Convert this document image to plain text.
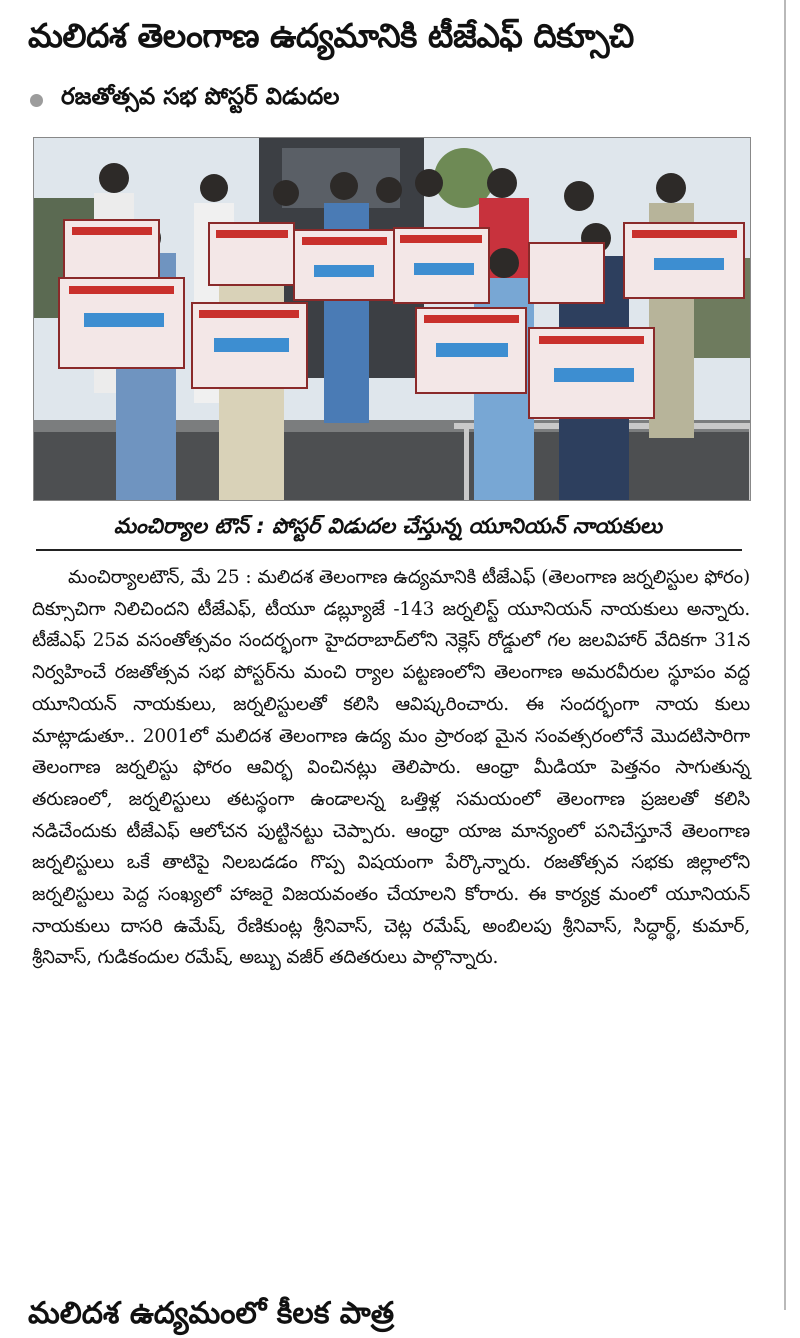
మలిదశ తెలంగాణ ఉద్యమానికి టీజేఎఫ్ దిక్సూచి
రజతోత్సవ సభ పోస్టర్ విడుదల
మంచిర్యాల టౌన్ : పోస్టర్ విడుదల చేస్తున్న యూనియన్ నాయకులు
మంచిర్యాలటౌన్, మే 25 : మలిదశ తెలంగాణ ఉద్యమానికి టీజేఎఫ్ (తెలంగాణ జర్నలిస్టుల ఫోరం) దిక్సూచిగా నిలిచిందని టీజేఎఫ్, టీయూ డబ్ల్యూజే -143 జర్నలిస్ట్ యూనియన్ నాయకులు అన్నారు. టీజేఎఫ్ 25వ వసంతోత్సవం సందర్భంగా హైదరాబాద్‌లోని నెక్లెస్ రోడ్డులో గల జలవిహార్ వేదికగా 31న నిర్వహించే రజతోత్సవ సభ పోస్టర్‌ను మంచి ర్యాల పట్టణంలోని తెలంగాణ అమరవీరుల స్థూపం వద్ద యూనియన్ నాయకులు, జర్నలిస్టులతో కలిసి ఆవిష్కరించారు. ఈ సందర్భంగా నాయ కులు మాట్లాడుతూ.. 2001లో మలిదశ తెలంగాణ ఉద్య మం ప్రారంభ మైన సంవత్సరంలోనే మొదటిసారిగా తెలంగాణ జర్నలిస్టు ఫోరం ఆవిర్భ వించినట్లు తెలిపారు. ఆంధ్రా మీడియా పెత్తనం సాగుతున్న తరుణంలో, జర్నలిస్టులు తటస్థంగా ఉండాలన్న ఒత్తిళ్ల సమయంలో తెలంగాణ ప్రజలతో కలిసి నడిచేందుకు టీజేఎఫ్ ఆలోచన పుట్టినట్టు చెప్పారు. ఆంధ్రా యాజ మాన్యంలో పనిచేస్తూనే తెలంగాణ జర్నలిస్టులు ఒకే తాటిపై నిలబడడం గొప్ప విషయంగా పేర్కొన్నారు. రజతోత్సవ సభకు జిల్లాలోని జర్నలిస్టులు పెద్ద సంఖ్యలో హాజరై విజయవంతం చేయాలని కోరారు. ఈ కార్యక్ర మంలో యూనియన్ నాయకులు దాసరి ఉమేష్, రేణికుంట్ల శ్రీనివాస్, చెట్ల రమేష్, అంబిలపు శ్రీనివాస్, సిద్ధార్థ్, కుమార్, శ్రీనివాస్, గుడికందుల రమేష్, అబ్బు వజీర్ తదితరులు పాల్గొన్నారు.
మలిదశ ఉద్యమంలో కీలక పాత్ర
